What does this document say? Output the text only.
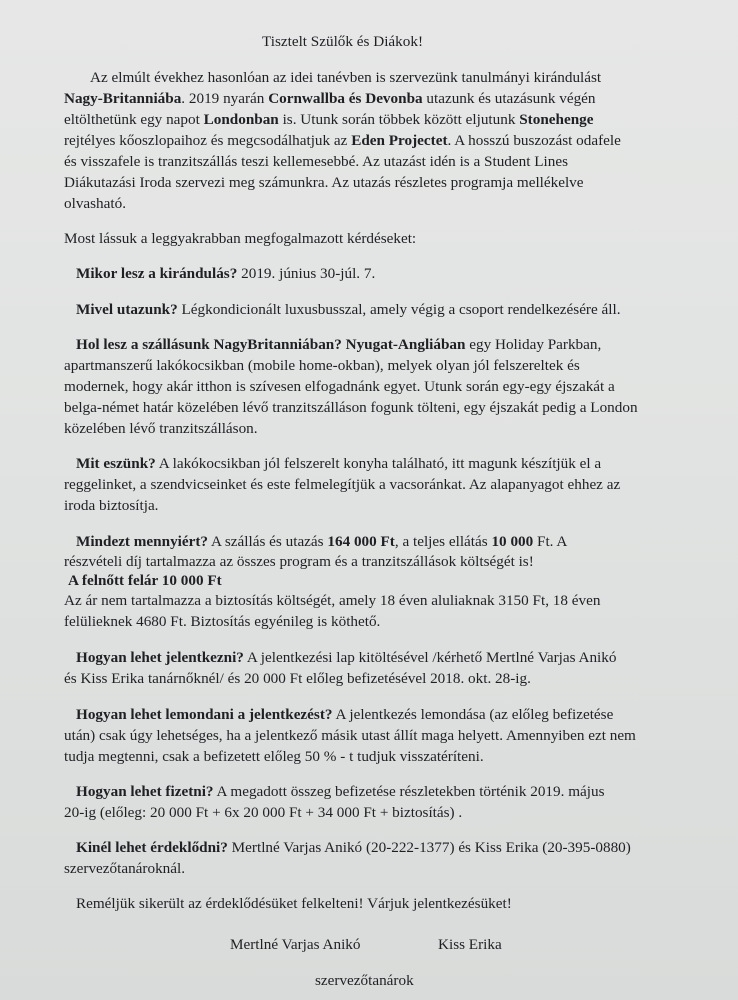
Tisztelt Szülők és Diákok!
Az elmúlt évekhez hasonlóan az idei tanévben is szervezünk tanulmányi kirándulást
Nagy-Britanniába. 2019 nyarán Cornwallba és Devonba utazunk és utazásunk végén
eltölthetünk egy napot Londonban is. Utunk során többek között eljutunk Stonehenge
rejtélyes kőoszlopaihoz és megcsodálhatjuk az Eden Projectet. A hosszú buszozást odafele
és visszafele is tranzitszállás teszi kellemesebbé. Az utazást idén is a Student Lines
Diákutazási Iroda szervezi meg számunkra. Az utazás részletes programja mellékelve
olvasható.
Most lássuk a leggyakrabban megfogalmazott kérdéseket:
Mikor lesz a kirándulás? 2019. június 30-júl. 7.
Mivel utazunk? Légkondicionált luxusbusszal, amely végig a csoport rendelkezésére áll.
Hol lesz a szállásunk NagyBritanniában? Nyugat-Angliában egy Holiday Parkban,
apartmanszerű lakókocsikban (mobile home-okban), melyek olyan jól felszereltek és
modernek, hogy akár itthon is szívesen elfogadnánk egyet. Utunk során egy-egy éjszakát a
belga-német határ közelében lévő tranzitszálláson fogunk tölteni, egy éjszakát pedig a London
közelében lévő tranzitszálláson.
Mit eszünk? A lakókocsikban jól felszerelt konyha található, itt magunk készítjük el a
reggelinket, a szendvicseinket és este felmelegítjük a vacsoránkat. Az alapanyagot ehhez az
iroda biztosítja.
Mindezt mennyiért? A szállás és utazás 164 000 Ft, a teljes ellátás 10 000 Ft. A
részvételi díj tartalmazza az összes program és a tranzitszállások költségét is!
A felnőtt felár 10 000 Ft
Az ár nem tartalmazza a biztosítás költségét, amely 18 éven aluliaknak 3150 Ft, 18 éven
felülieknek 4680 Ft. Biztosítás egyénileg is köthető.
Hogyan lehet jelentkezni? A jelentkezési lap kitöltésével /kérhető Mertlné Varjas Anikó
és Kiss Erika tanárnőknél/ és 20 000 Ft előleg befizetésével 2018. okt. 28-ig.
Hogyan lehet lemondani a jelentkezést? A jelentkezés lemondása (az előleg befizetése
után) csak úgy lehetséges, ha a jelentkező másik utast állít maga helyett. Amennyiben ezt nem
tudja megtenni, csak a befizetett előleg 50 % - t tudjuk visszatéríteni.
Hogyan lehet fizetni? A megadott összeg befizetése részletekben történik 2019. május
20-ig (előleg: 20 000 Ft + 6x 20 000 Ft + 34 000 Ft + biztosítás) .
Kinél lehet érdeklődni? Mertlné Varjas Anikó (20-222-1377) és Kiss Erika (20-395-0880)
szervezőtanároknál.
Reméljük sikerült az érdeklődésüket felkelteni! Várjuk jelentkezésüket!
Mertlné Varjas Anikó	Kiss Erika
szervezőtanárok
